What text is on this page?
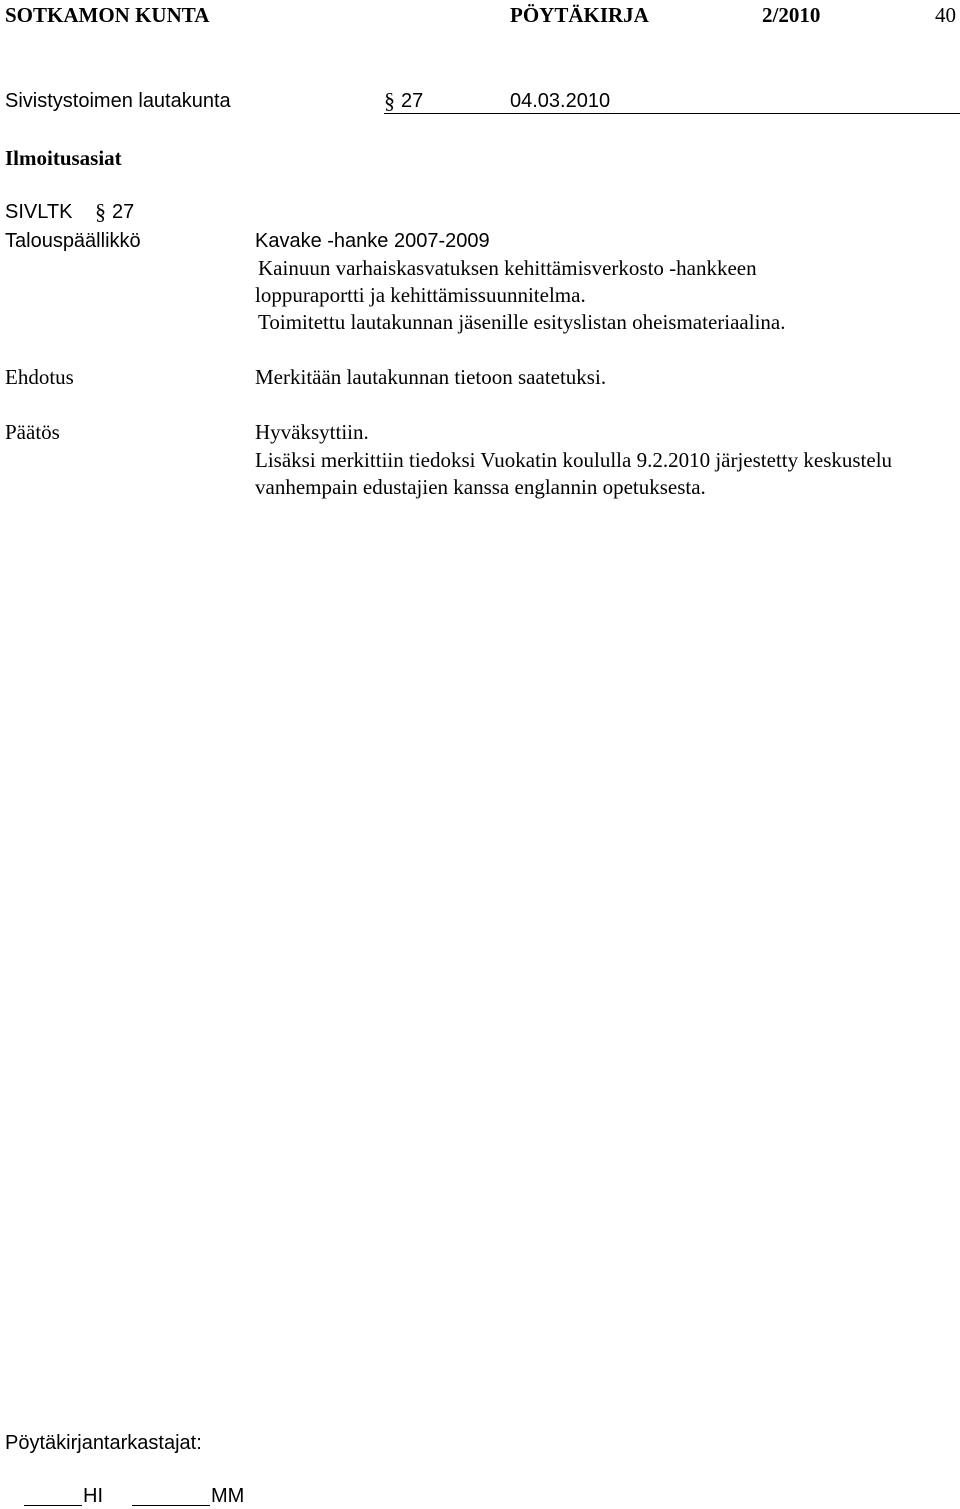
SOTKAMON KUNTA	PÖYTÄKIRJA	2/2010	40
Sivistystoimen lautakunta	§ 27	04.03.2010
Ilmoitusasiat
SIVLTK § 27
Talouspäällikkö	Kavake -hanke 2007-2009
Kainuun varhaiskasvatuksen kehittämisverkosto -hankkeen
loppuraportti ja kehittämissuunnitelma.
Toimitettu lautakunnan jäsenille esityslistan oheismateriaalina.
Ehdotus	Merkitään lautakunnan tietoon saatetuksi.
Päätös	Hyväksyttiin.
Lisäksi merkittiin tiedoksi Vuokatin koululla 9.2.2010 järjestetty keskustelu
vanhempain edustajien kanssa englannin opetuksesta.
Pöytäkirjantarkastajat:
HI	MM
